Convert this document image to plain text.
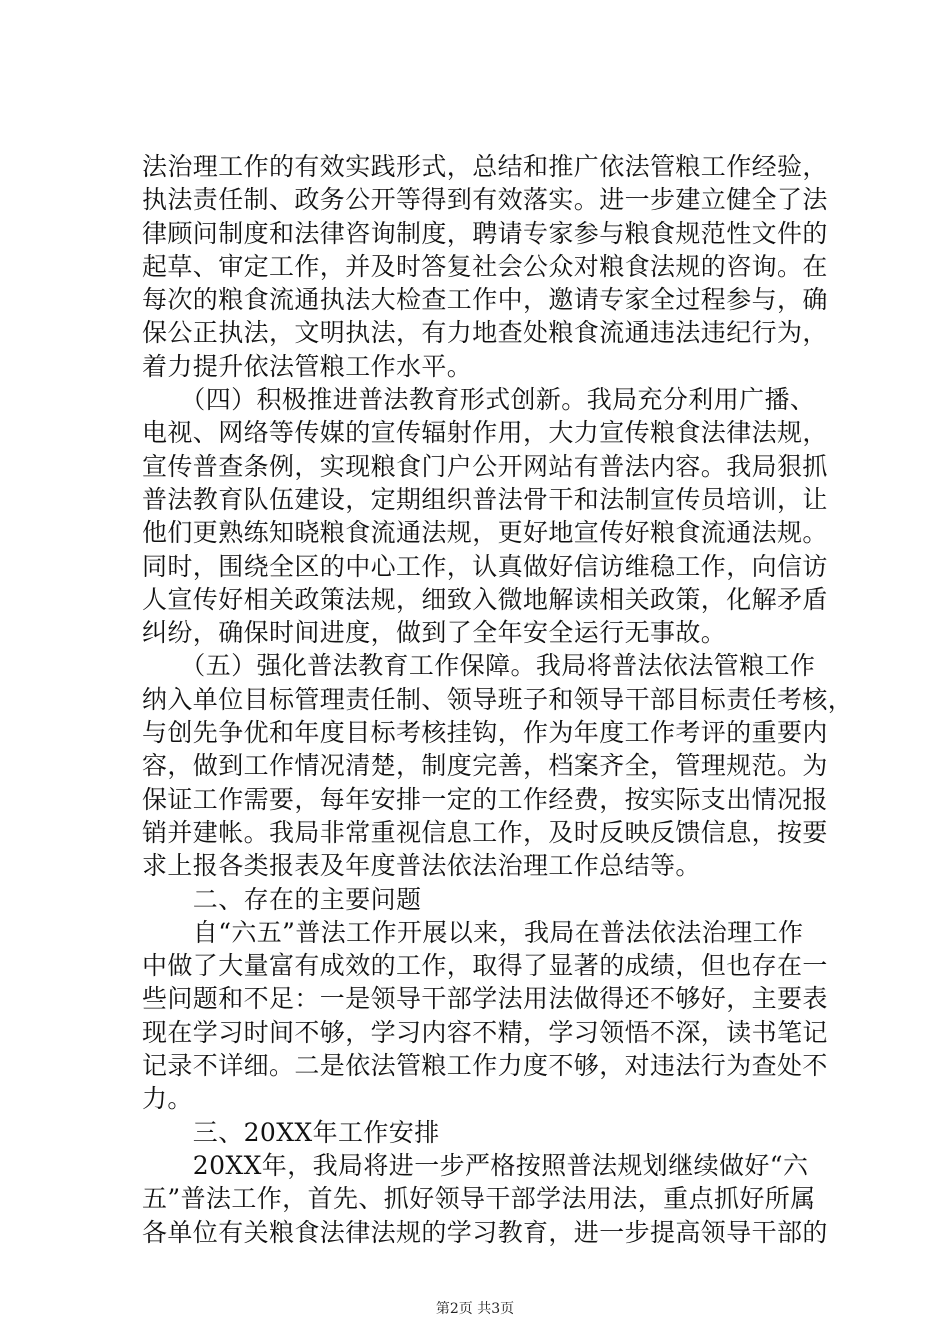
法治理工作的有效实践形式，总结和推广依法管粮工作经验，
执法责任制、政务公开等得到有效落实。进一步建立健全了法
律顾问制度和法律咨询制度，聘请专家参与粮食规范性文件的
起草、审定工作，并及时答复社会公众对粮食法规的咨询。在
每次的粮食流通执法大检查工作中，邀请专家全过程参与，确
保公正执法，文明执法，有力地查处粮食流通违法违纪行为，
着力提升依法管粮工作水平。
　　（四）积极推进普法教育形式创新。我局充分利用广播、
电视、网络等传媒的宣传辐射作用，大力宣传粮食法律法规，
宣传普查条例，实现粮食门户公开网站有普法内容。我局狠抓
普法教育队伍建设，定期组织普法骨干和法制宣传员培训，让
他们更熟练知晓粮食流通法规，更好地宣传好粮食流通法规。
同时，围绕全区的中心工作，认真做好信访维稳工作，向信访
人宣传好相关政策法规，细致入微地解读相关政策，化解矛盾
纠纷，确保时间进度，做到了全年安全运行无事故。
　　（五）强化普法教育工作保障。我局将普法依法管粮工作
纳入单位目标管理责任制、领导班子和领导干部目标责任考核，
与创先争优和年度目标考核挂钩，作为年度工作考评的重要内
容，做到工作情况清楚，制度完善，档案齐全，管理规范。为
保证工作需要，每年安排一定的工作经费，按实际支出情况报
销并建帐。我局非常重视信息工作，及时反映反馈信息，按要
求上报各类报表及年度普法依法治理工作总结等。
　　二、存在的主要问题
　　自“六五”普法工作开展以来，我局在普法依法治理工作
中做了大量富有成效的工作，取得了显著的成绩，但也存在一
些问题和不足：一是领导干部学法用法做得还不够好，主要表
现在学习时间不够，学习内容不精，学习领悟不深，读书笔记
记录不详细。二是依法管粮工作力度不够，对违法行为查处不
力。
　　三、20XX年工作安排
　　20XX年，我局将进一步严格按照普法规划继续做好“六
五”普法工作，首先、抓好领导干部学法用法，重点抓好所属
各单位有关粮食法律法规的学习教育，进一步提高领导干部的
第2页 共3页
